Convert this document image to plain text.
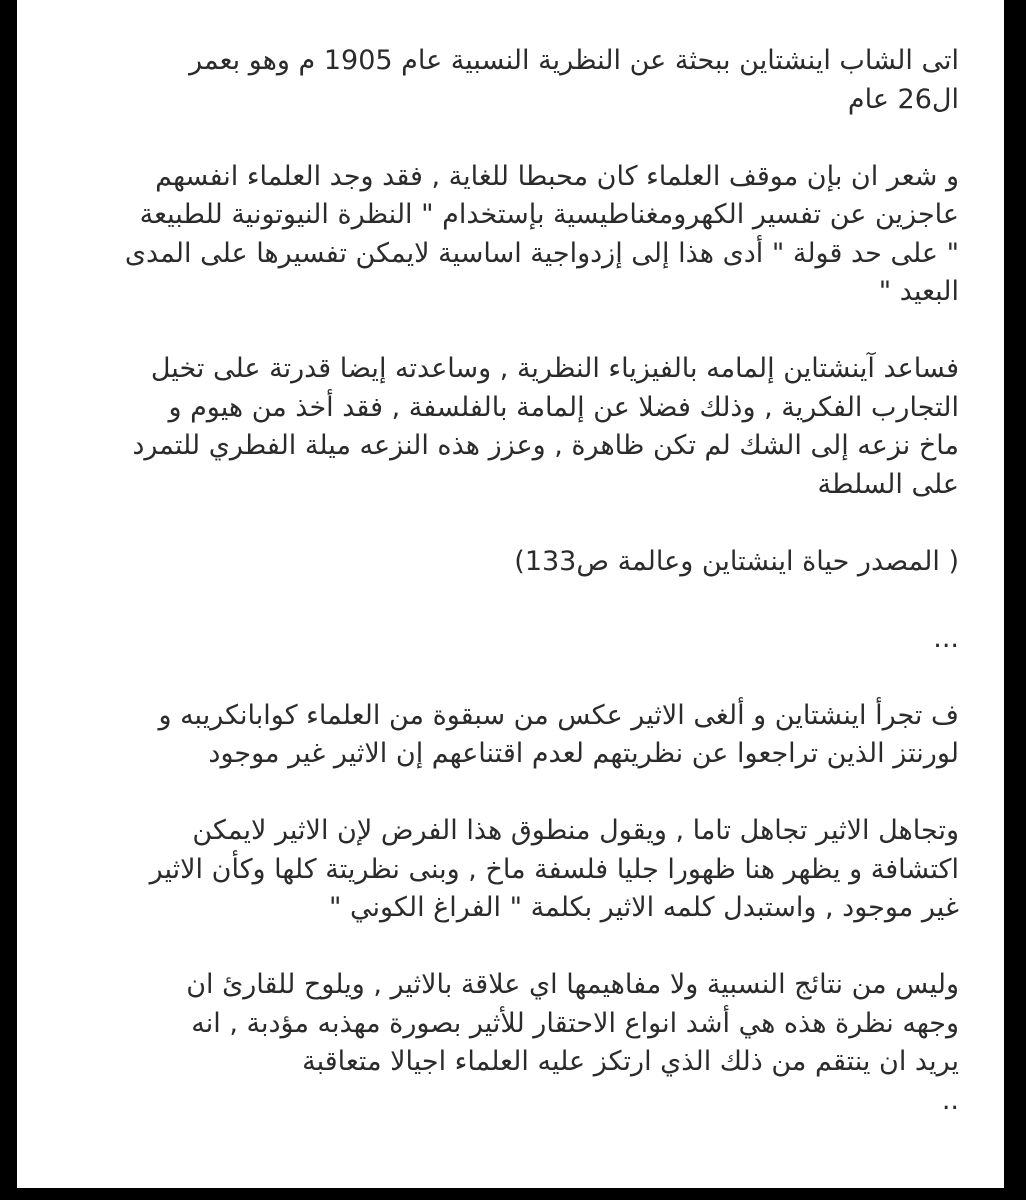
اتى الشاب اينشتاين ببحثة عن النظرية النسبية عام 1905 م وهو بعمر
ال26 عام

و شعر ان بإن موقف العلماء كان محبطا للغاية , فقد وجد العلماء انفسهم
عاجزين عن تفسير الكهرومغناطيسية بإستخدام " النظرة النيوتونية للطبيعة
" على حد قولة " أدى هذا إلى إزدواجية اساسية لايمكن تفسيرها على المدى
البعيد "

فساعد آينشتاين إلمامه بالفيزياء النظرية , وساعدته إيضا قدرتة على تخيل
التجارب الفكرية , وذلك فضلا عن إلمامة بالفلسفة , فقد أخذ من هيوم و
ماخ نزعه إلى الشك لم تكن ظاهرة , وعزز هذه النزعه ميلة الفطري للتمرد
على السلطة

( المصدر حياة اينشتاين وعالمة ص133)

...

ف تجرأ اينشتاين و ألغى الاثير عكس من سبقوة من العلماء كوابانكريبه و
لورنتز الذين تراجعوا عن نظريتهم لعدم اقتناعهم إن الاثير غير موجود

وتجاهل الاثير تجاهل تاما , ويقول منطوق هذا الفرض لإن الاثير لايمكن
اكتشافة و يظهر هنا ظهورا جليا فلسفة ماخ , وبنى نظريتة كلها وكأن الاثير
غير موجود , واستبدل كلمه الاثير بكلمة " الفراغ الكوني "

وليس من نتائج النسبية ولا مفاهيمها اي علاقة بالاثير , ويلوح للقارئ ان
وجهه نظرة هذه هي أشد انواع الاحتقار للأثير بصورة مهذبه مؤدبة , انه
يريد ان ينتقم من ذلك الذي ارتكز عليه العلماء اجيالا متعاقبة
..
